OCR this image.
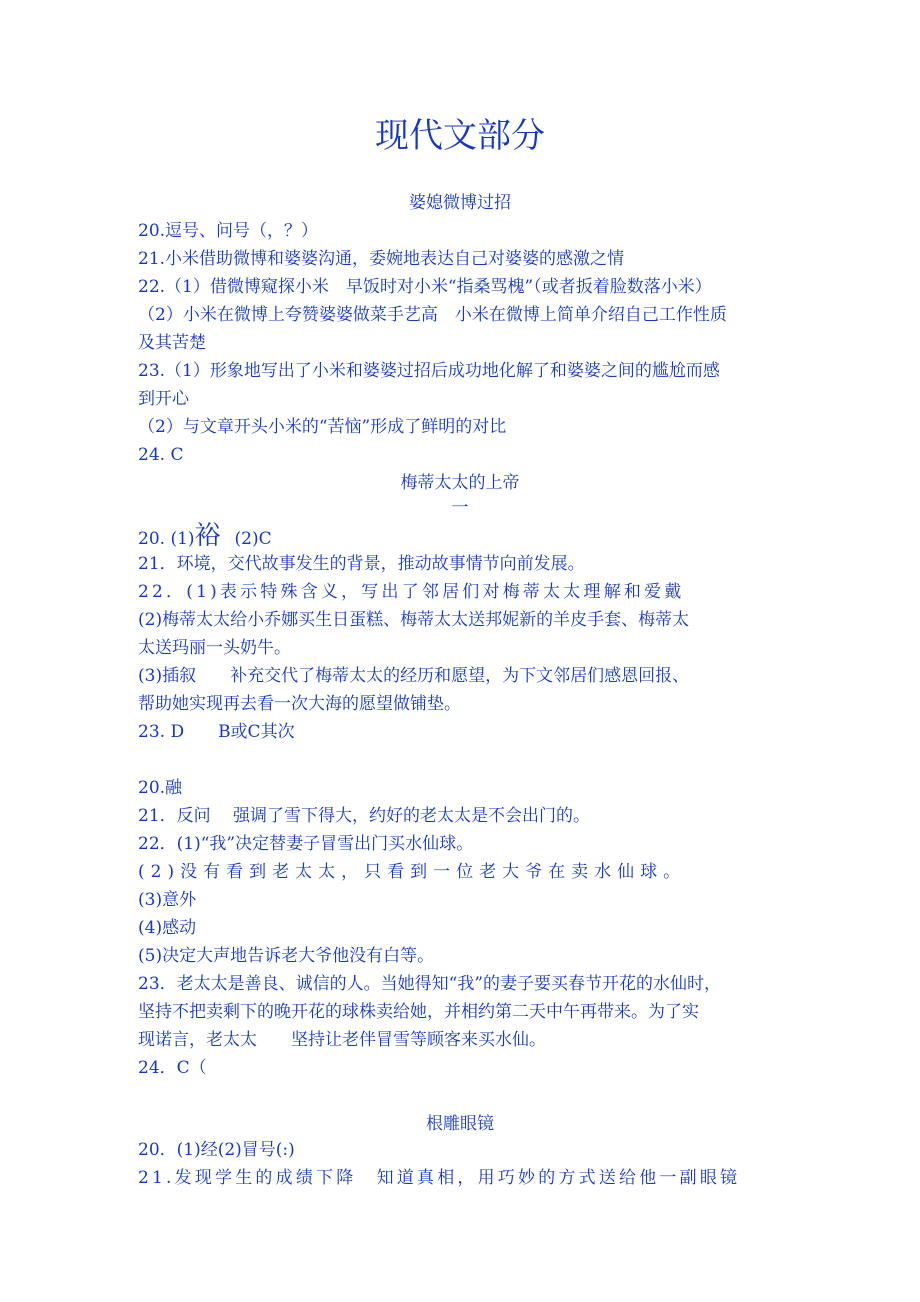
现代文部分
婆媳微博过招
20.逗号、问号（，？）
21.小米借助微博和婆婆沟通，委婉地表达自己对婆婆的感激之情
22.（1）借微博窥探小米　早饭时对小米“指桑骂槐”（或者扳着脸数落小米）
（2）小米在微博上夸赞婆婆做菜手艺高　小米在微博上简单介绍自己工作性质
及其苦楚
23.（1）形象地写出了小米和婆婆过招后成功地化解了和婆婆之间的尴尬而感
到开心
（2）与文章开头小米的“苦恼”形成了鲜明的对比
24. C
梅蒂太太的上帝
一
20. (1)裕 (2)C
21．环境，交代故事发生的背景，推动故事情节向前发展。
22．(1)表示特殊含义，写出了邻居们对梅蒂太太理解和爱戴
(2)梅蒂太太给小乔娜买生日蛋糕、梅蒂太太送邦妮新的羊皮手套、梅蒂太
太送玛丽一头奶牛。
(3)插叙　　补充交代了梅蒂太太的经历和愿望，为下文邻居们感恩回报、
帮助她实现再去看一次大海的愿望做铺垫。
23. D　　B或C其次
20.融
21．反问　 强调了雪下得大，约好的老太太是不会出门的。
22．(1)“我”决定替妻子冒雪出门买水仙球。
(2)没有看到老太太，只看到一位老大爷在卖水仙球。
(3)意外
(4)感动
(5)决定大声地告诉老大爷他没有白等。
23．老太太是善良、诚信的人。当她得知“我”的妻子要买春节开花的水仙时，
坚持不把卖剩下的晚开花的球株卖给她，并相约第二天中午再带来。为了实
现诺言，老太太　　坚持让老伴冒雪等顾客来买水仙。
24．C（
根雕眼镜
20．(1)经(2)冒号(:)
21.发现学生的成绩下降　知道真相，用巧妙的方式送给他一副眼镜
